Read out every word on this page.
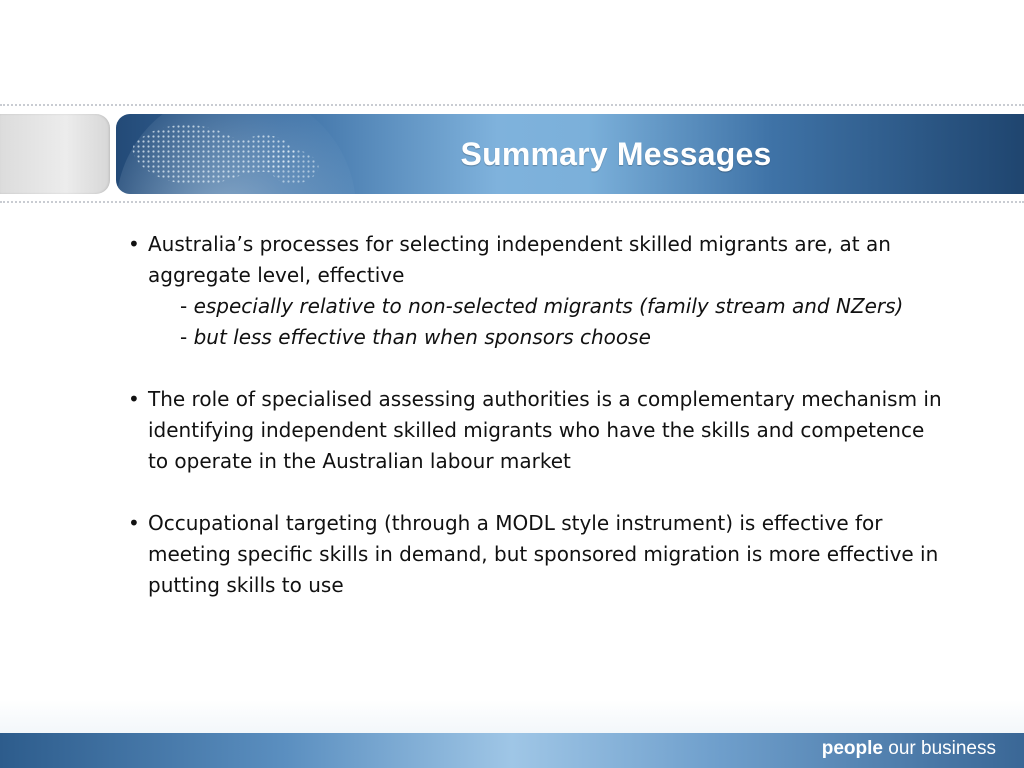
Summary Messages
• Australia’s processes for selecting independent skilled migrants are, at an
aggregate level, effective
- especially relative to non-selected migrants (family stream and NZers)
- but less effective than when sponsors choose
• The role of specialised assessing authorities is a complementary mechanism in
identifying independent skilled migrants who have the skills and competence
to operate in the Australian labour market
• Occupational targeting (through a MODL style instrument) is effective for
meeting specific skills in demand, but sponsored migration is more effective in
putting skills to use
people our business
